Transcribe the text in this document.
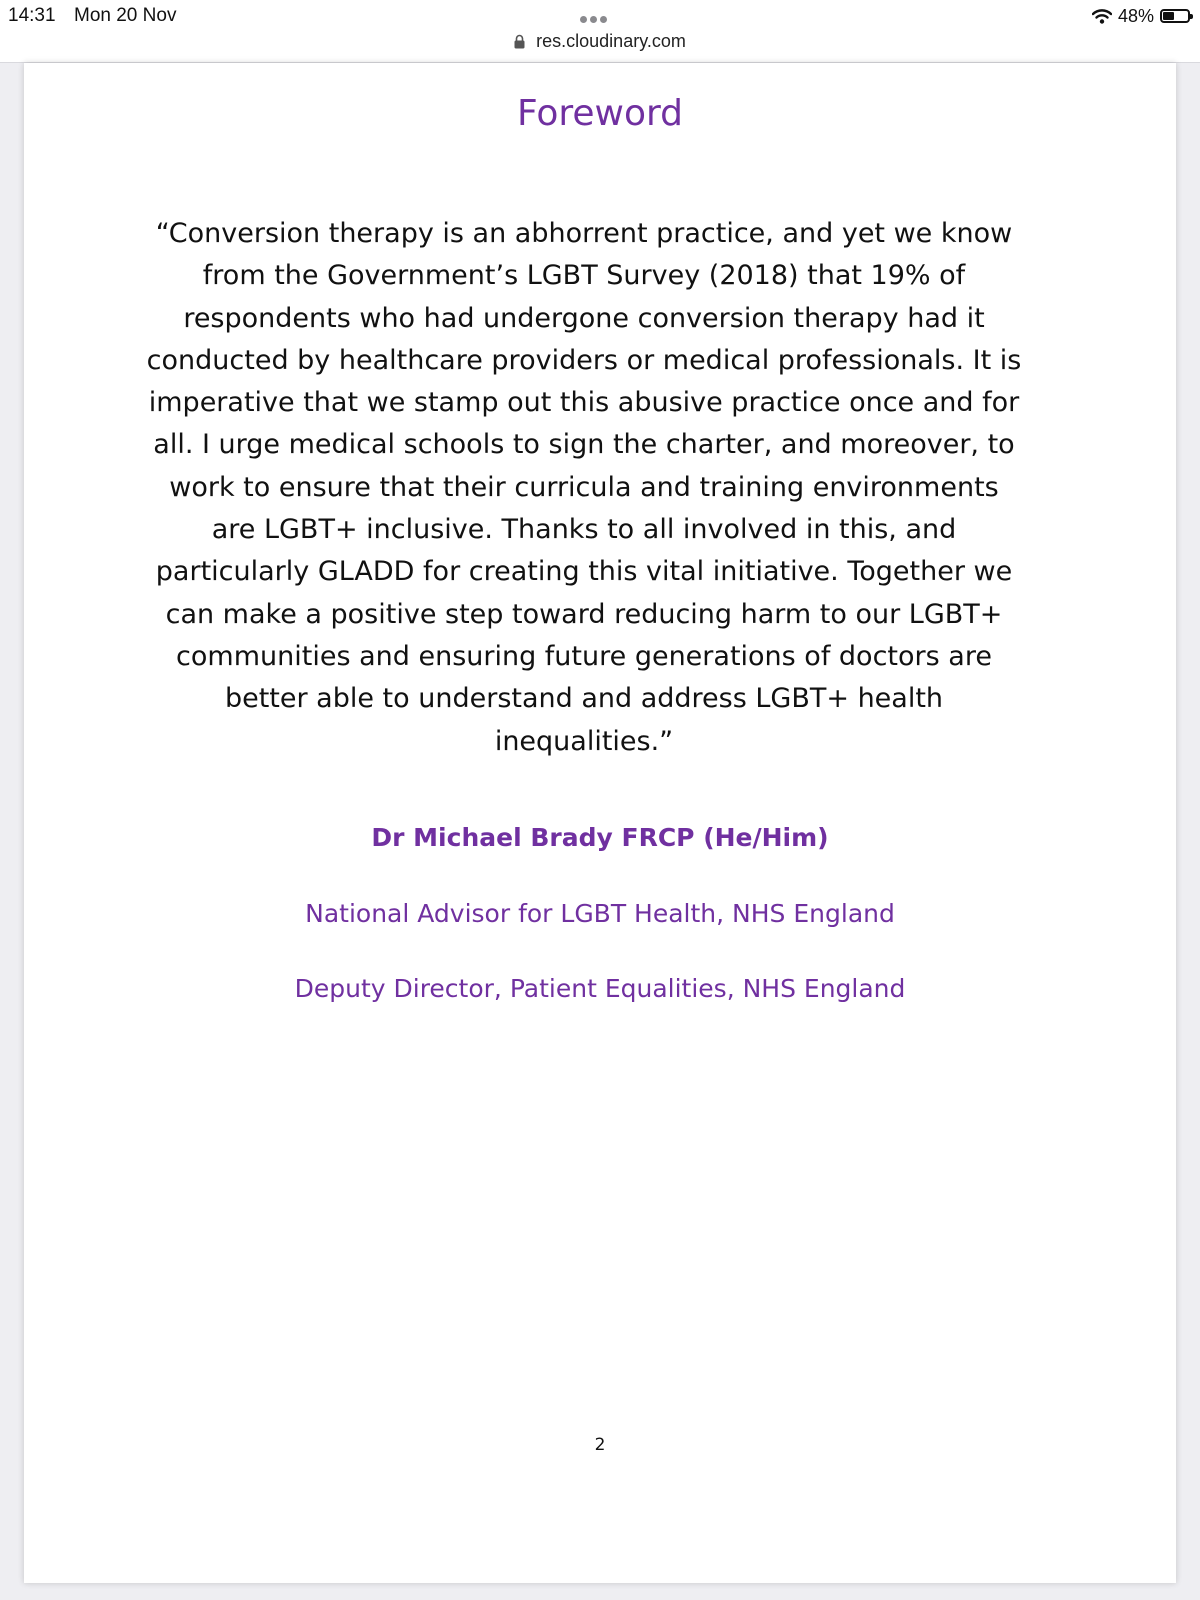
14:31 Mon 20 Nov
res.cloudinary.com
48%
Foreword

“Conversion therapy is an abhorrent practice, and yet we know from the Government’s LGBT Survey (2018) that 19% of respondents who had undergone conversion therapy had it conducted by healthcare providers or medical professionals. It is imperative that we stamp out this abusive practice once and for all. I urge medical schools to sign the charter, and moreover, to work to ensure that their curricula and training environments are LGBT+ inclusive. Thanks to all involved in this, and particularly GLADD for creating this vital initiative. Together we can make a positive step toward reducing harm to our LGBT+ communities and ensuring future generations of doctors are better able to understand and address LGBT+ health inequalities.”

Dr Michael Brady FRCP (He/Him)
National Advisor for LGBT Health, NHS England
Deputy Director, Patient Equalities, NHS England
2
